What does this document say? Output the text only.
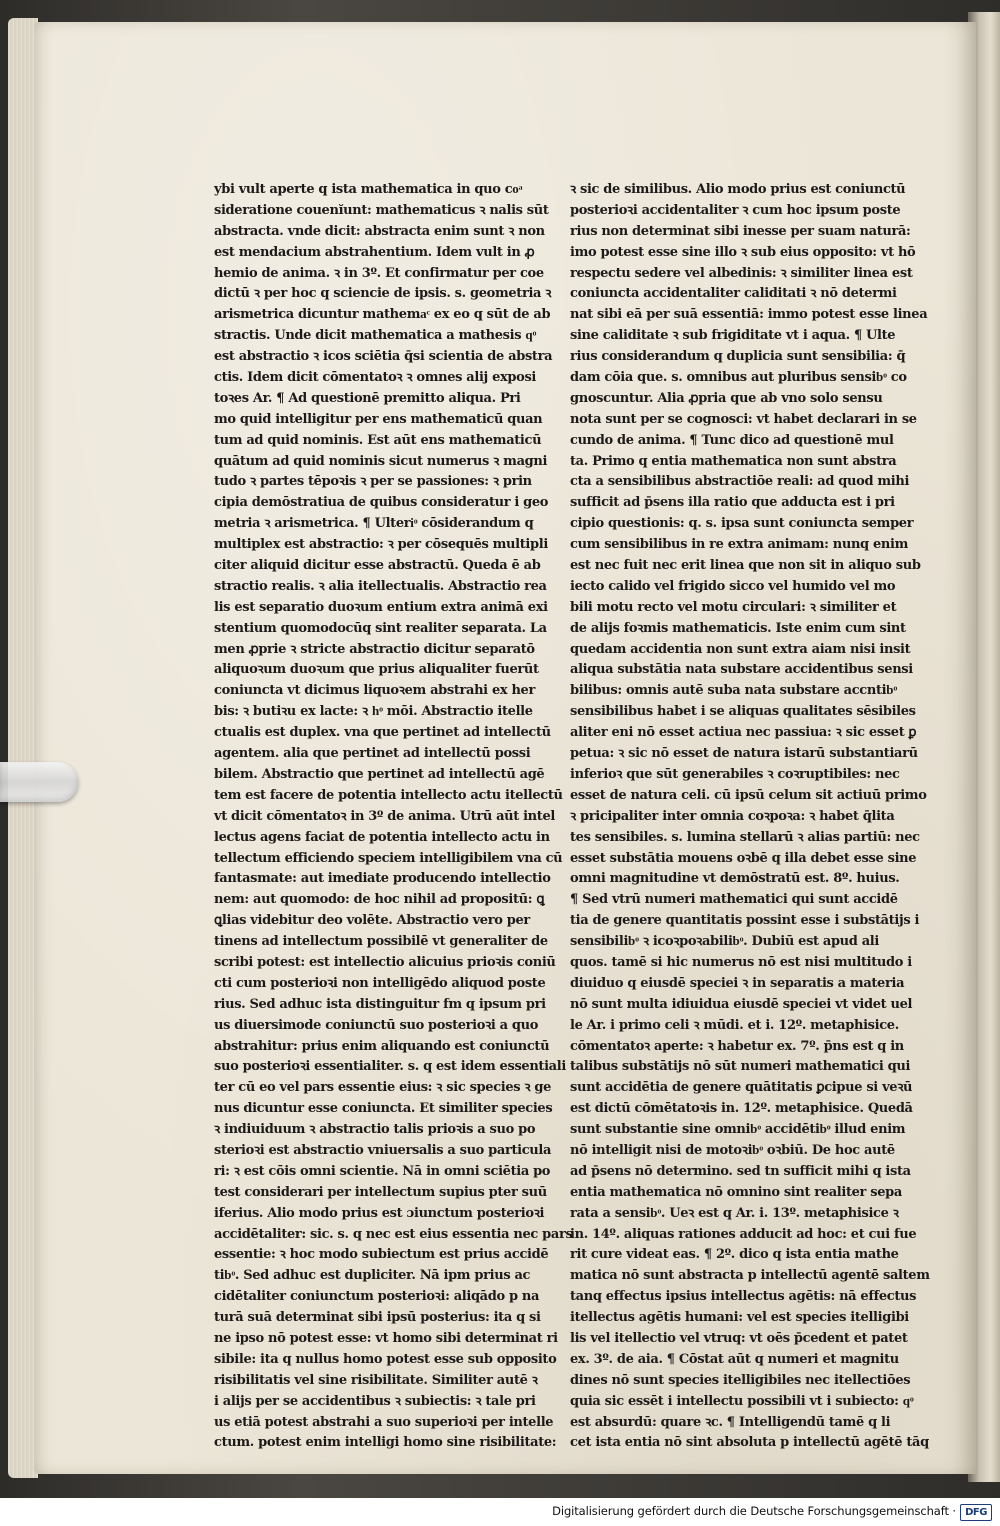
ybi vult aperte q ista mathematica in quo coͣ
sideratione couenĭunt: mathematicus ꝛ nalis sūt
abstracta. vnde dicit: abstracta enim sunt ꝛ non
est mendacium abstrahentium. Idem vult in ꝓ
hemio de anima. ꝛ in 3º. Et confirmatur per coe
dictū ꝛ per hoc q sciencie de ipsis. s. geometria ꝛ
arismetrica dicuntur mathemaͨ ex eo q sūt de ab
stractis. Unde dicit mathematica a mathesis qͦ
est abstractio ꝛ icos sciētia q̄si scientia de abstra
ctis. Idem dicit cōmentatoꝛ ꝛ omnes alij exposi
toꝛes Ar. ¶ Ad questionē premitto aliqua. Pri
mo quid intelligitur per ens mathematicū quan
tum ad quid nominis. Est aūt ens mathematicū
quātum ad quid nominis sicut numerus ꝛ magni
tudo ꝛ partes tēpoꝛis ꝛ per se passiones: ꝛ prin
cipia demōstratiua de quibus consideratur i geo
metria ꝛ arismetrica. ¶ Ulteriͦ cōsiderandum q
multiplex est abstractio: ꝛ per cōsequēs multipli
citer aliquid dicitur esse abstractū. Queda ē ab
stractio realis. ꝛ alia itellectualis. Abstractio rea
lis est separatio duoꝛum entium extra animā exi
stentium quomodocūq sint realiter separata. La
men ꝓprie ꝛ stricte abstractio dicitur separatō
aliquoꝛum duoꝛum que prius aliqualiter fuerūt
coniuncta vt dicimus liquoꝛem abstrahi ex her
bis: ꝛ butiꝛu ex lacte: ꝛ hͦ mōi. Abstractio itelle
ctualis est duplex. vna que pertinet ad intellectū
agentem. alia que pertinet ad intellectū possi
bilem. Abstractio que pertinet ad intellectū agē
tem est facere de potentia intellecto actu itellectū
vt dicit cōmentatoꝛ in 3º de anima. Utrū aūt intel
lectus agens faciat de potentia intellecto actu in
tellectum efficiendo speciem intelligibilem vna cū
fantasmate: aut imediate producendo intellectio
nem: aut quomodo: de hoc nihil ad propositū: ꝗ
ꝗlias videbitur deo volēte. Abstractio vero per
tinens ad intellectum possibilē vt generaliter de
scribi potest: est intellectio alicuius prioꝛis coniū
cti cum posterioꝛi non intelligēdo aliquod poste
rius. Sed adhuc ista distinguitur fm q ipsum pri
us diuersimode coniunctū suo posterioꝛi a quo
abstrahitur: prius enim aliquando est coniunctū
suo posterioꝛi essentialiter. s. q est idem essentiali
ter cū eo vel pars essentie eius: ꝛ sic species ꝛ ge
nus dicuntur esse coniuncta. Et similiter species
ꝛ indiuiduum ꝛ abstractio talis prioꝛis a suo po
sterioꝛi est abstractio vniuersalis a suo particula
ri: ꝛ est cōis omni scientie. Nā in omni sciētia po
test considerari per intellectum supius pter suū
iferius. Alio modo prius est ɔiunctum posterioꝛi
accidētaliter: sic. s. q nec est eius essentia nec pars
essentie: ꝛ hoc modo subiectum est prius accidē
tibͦ. Sed adhuc est dupliciter. Nā ipm prius ac
cidētaliter coniunctum posterioꝛi: aliqādo p na
turā suā determinat sibi ipsū posterius: ita q si
ne ipso nō potest esse: vt homo sibi determinat ri
sibile: ita q nullus homo potest esse sub opposito
risibilitatis vel sine risibilitate. Similiter autē ꝛ
i alijs per se accidentibus ꝛ subiectis: ꝛ tale pri
us etiā potest abstrahi a suo superioꝛi per intelle
ctum. potest enim intelligi homo sine risibilitate:
ꝛ sic de similibus. Alio modo prius est coniunctū
posterioꝛi accidentaliter ꝛ cum hoc ipsum poste
rius non determinat sibi inesse per suam naturā:
imo potest esse sine illo ꝛ sub eius opposito: vt hō
respectu sedere vel albedinis: ꝛ similiter linea est
coniuncta accidentaliter caliditati ꝛ nō determi
nat sibi eā per suā essentiā: immo potest esse linea
sine caliditate ꝛ sub frigiditate vt i aqua. ¶ Ulte
rius considerandum q duplicia sunt sensibilia: q̄
dam cōia que. s. omnibus aut pluribus sensibͦ co
gnoscuntur. Alia ꝓpria que ab vno solo sensu
nota sunt per se cognosci: vt habet declarari in se
cundo de anima. ¶ Tunc dico ad questionē mul
ta. Primo q entia mathematica non sunt abstra
cta a sensibilibus abstractiōe reali: ad quod mihi
sufficit ad p̄sens illa ratio que adducta est i pri
cipio questionis: q. s. ipsa sunt coniuncta semper
cum sensibilibus in re extra animam: nunq enim
est nec fuit nec erit linea que non sit in aliquo sub
iecto calido vel frigido sicco vel humido vel mo
bili motu recto vel motu circulari: ꝛ similiter et
de alijs foꝛmis mathematicis. Iste enim cum sint
quedam accidentia non sunt extra aiam nisi insit
aliqua substātia nata substare accidentibus sensi
bilibus: omnis autē suba nata substare accntibͦ
sensibilibus habet i se aliquas qualitates sēsibiles
aliter eni nō esset actiua nec passiua: ꝛ sic esset ꝑ
petua: ꝛ sic nō esset de natura istarū substantiarū
inferioꝛ que sūt generabiles ꝛ coꝛruptibiles: nec
esset de natura celi. cū ipsū celum sit actiuū primo
ꝛ pricipaliter inter omnia coꝛpoꝛa: ꝛ habet q̄lita
tes sensibiles. s. lumina stellarū ꝛ alias partiū: nec
esset substātia mouens oꝛbē q illa debet esse sine
omni magnitudine vt demōstratū est. 8º. huius.
¶ Sed vtrū numeri mathematici qui sunt accidē
tia de genere quantitatis possint esse i substātijs i
sensibilibͦ ꝛ icoꝛpoꝛabilibͦ. Dubiū est apud ali
quos. tamē si hic numerus nō est nisi multitudo i
diuiduo q eiusdē speciei ꝛ in separatis a materia
nō sunt multa idiuidua eiusdē speciei vt videt uel
le Ar. i primo celi ꝛ mūdi. et i. 12º. metaphisice.
cōmentatoꝛ aperte: ꝛ habetur ex. 7º. p̄ns est q in
talibus substātijs nō sūt numeri mathematici qui
sunt accidētia de genere quātitatis ꝑcipue si veꝛū
est dictū cōmētatoꝛis in. 12º. metaphisice. Quedā
sunt substantie sine omnibͦ accidētibͦ illud enim
nō intelligit nisi de motoꝛibͦ oꝛbiū. De hoc autē
ad p̄sens nō determino. sed tn sufficit mihi q ista
entia mathematica nō omnino sint realiter sepa
rata a sensibͦ. Ueꝛ est q Ar. i. 13º. metaphisice ꝛ
in. 14º. aliquas rationes adducit ad hoc: et cui fue
rit cure videat eas. ¶ 2º. dico q ista entia mathe
matica nō sunt abstracta p intellectū agentē saltem
tanq effectus ipsius intellectus agētis: nā effectus
itellectus agētis humani: vel est species itelligibi
lis vel itellectio vel vtruq: vt oēs p̄cedent et patet
ex. 3º. de aia. ¶ Cōstat aūt q numeri et magnitu
dines nō sunt species itelligibiles nec itellectiōes
quia sic essēt i intellectu possibili vt i subiecto: qͦ
est absurdū: quare ꝛc. ¶ Intelligendū tamē q li
cet ista entia nō sint absoluta p intellectū agētē tāq
Digitalisierung gefördert durch die Deutsche Forschungsgemeinschaft · DFG
